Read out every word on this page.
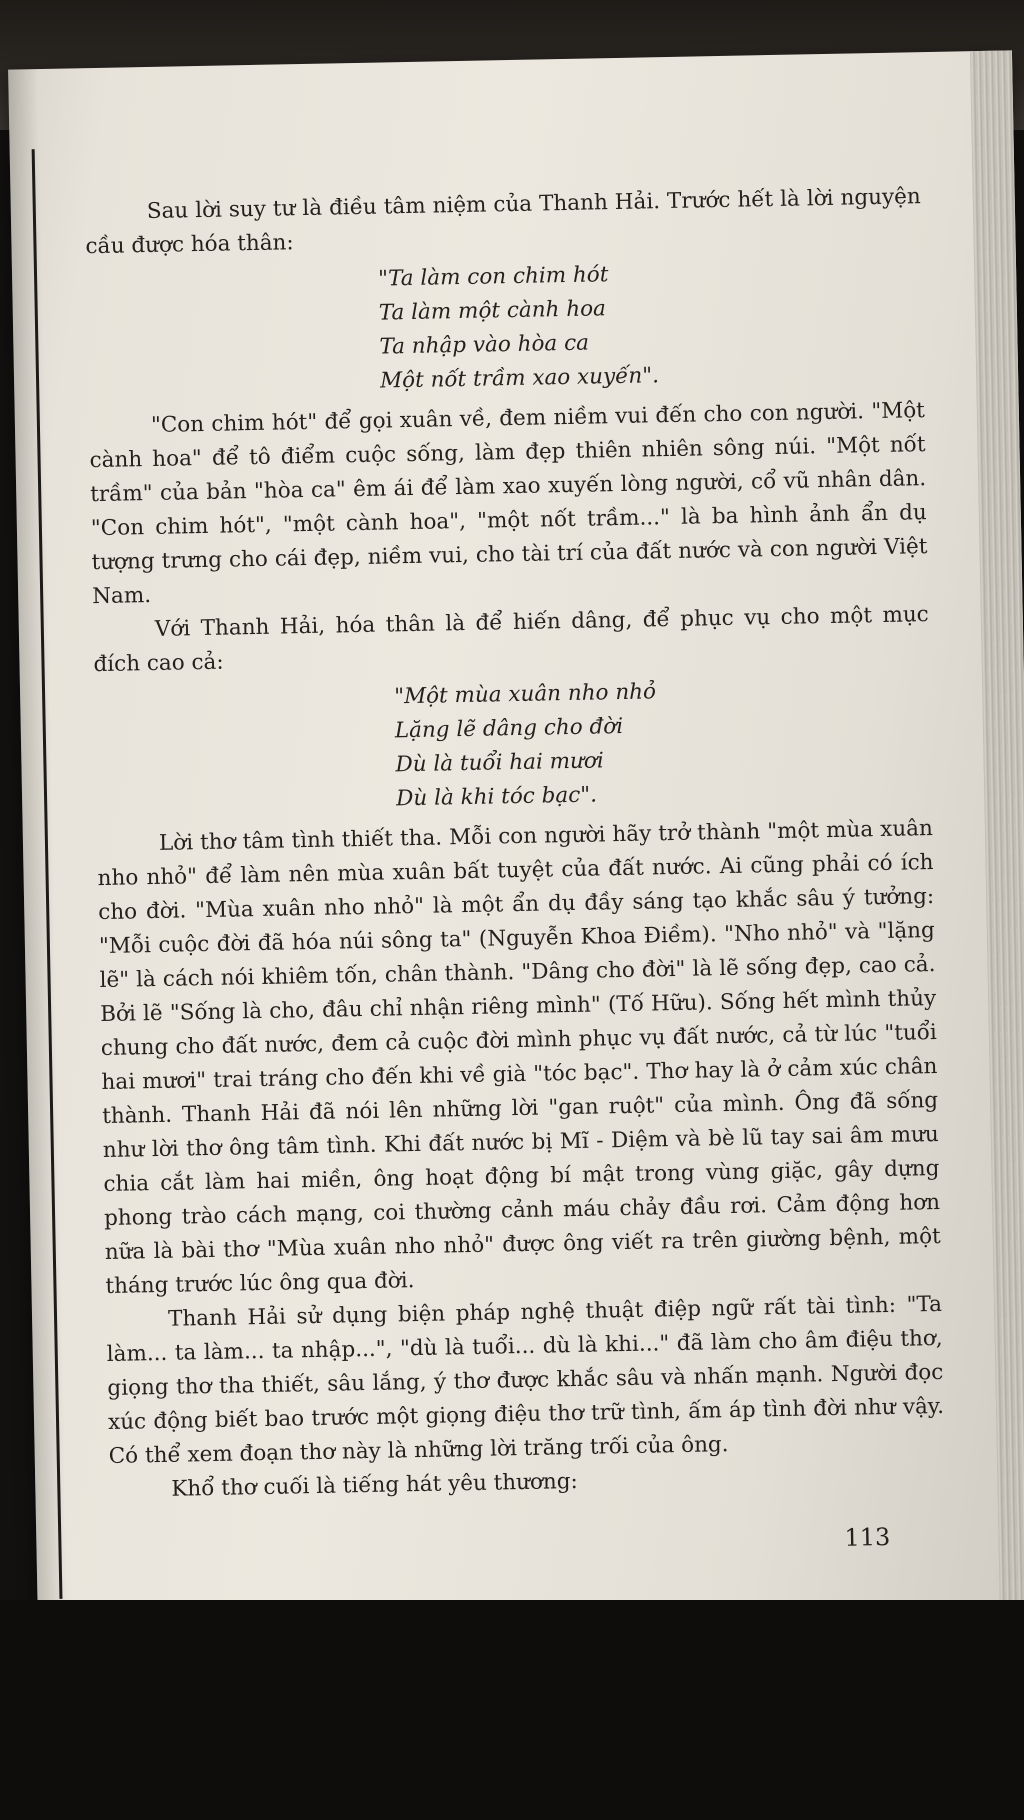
Sau lời suy tư là điều tâm niệm của Thanh Hải. Trước hết là lời nguyện cầu được hóa thân:

"Ta làm con chim hót
Ta làm một cành hoa
Ta nhập vào hòa ca
Một nốt trầm xao xuyến".

"Con chim hót" để gọi xuân về, đem niềm vui đến cho con người. "Một cành hoa" để tô điểm cuộc sống, làm đẹp thiên nhiên sông núi. "Một nốt trầm" của bản "hòa ca" êm ái để làm xao xuyến lòng người, cổ vũ nhân dân. "Con chim hót", "một cành hoa", "một nốt trầm..." là ba hình ảnh ẩn dụ tượng trưng cho cái đẹp, niềm vui, cho tài trí của đất nước và con người Việt Nam.

Với Thanh Hải, hóa thân là để hiến dâng, để phục vụ cho một mục đích cao cả:

"Một mùa xuân nho nhỏ
Lặng lẽ dâng cho đời
Dù là tuổi hai mươi
Dù là khi tóc bạc".

Lời thơ tâm tình thiết tha. Mỗi con người hãy trở thành "một mùa xuân nho nhỏ" để làm nên mùa xuân bất tuyệt của đất nước. Ai cũng phải có ích cho đời. "Mùa xuân nho nhỏ" là một ẩn dụ đầy sáng tạo khắc sâu ý tưởng: "Mỗi cuộc đời đã hóa núi sông ta" (Nguyễn Khoa Điềm). "Nho nhỏ" và "lặng lẽ" là cách nói khiêm tốn, chân thành. "Dâng cho đời" là lẽ sống đẹp, cao cả. Bởi lẽ "Sống là cho, đâu chỉ nhận riêng mình" (Tố Hữu). Sống hết mình thủy chung cho đất nước, đem cả cuộc đời mình phục vụ đất nước, cả từ lúc "tuổi hai mươi" trai tráng cho đến khi về già "tóc bạc". Thơ hay là ở cảm xúc chân thành. Thanh Hải đã nói lên những lời "gan ruột" của mình. Ông đã sống như lời thơ ông tâm tình. Khi đất nước bị Mĩ - Diệm và bè lũ tay sai âm mưu chia cắt làm hai miền, ông hoạt động bí mật trong vùng giặc, gây dựng phong trào cách mạng, coi thường cảnh máu chảy đầu rơi. Cảm động hơn nữa là bài thơ "Mùa xuân nho nhỏ" được ông viết ra trên giường bệnh, một tháng trước lúc ông qua đời.

Thanh Hải sử dụng biện pháp nghệ thuật điệp ngữ rất tài tình: "Ta làm... ta làm... ta nhập...", "dù là tuổi... dù là khi..." đã làm cho âm điệu thơ, giọng thơ tha thiết, sâu lắng, ý thơ được khắc sâu và nhấn mạnh. Người đọc xúc động biết bao trước một giọng điệu thơ trữ tình, ấm áp tình đời như vậy. Có thể xem đoạn thơ này là những lời trăng trối của ông.

Khổ thơ cuối là tiếng hát yêu thương:

113
